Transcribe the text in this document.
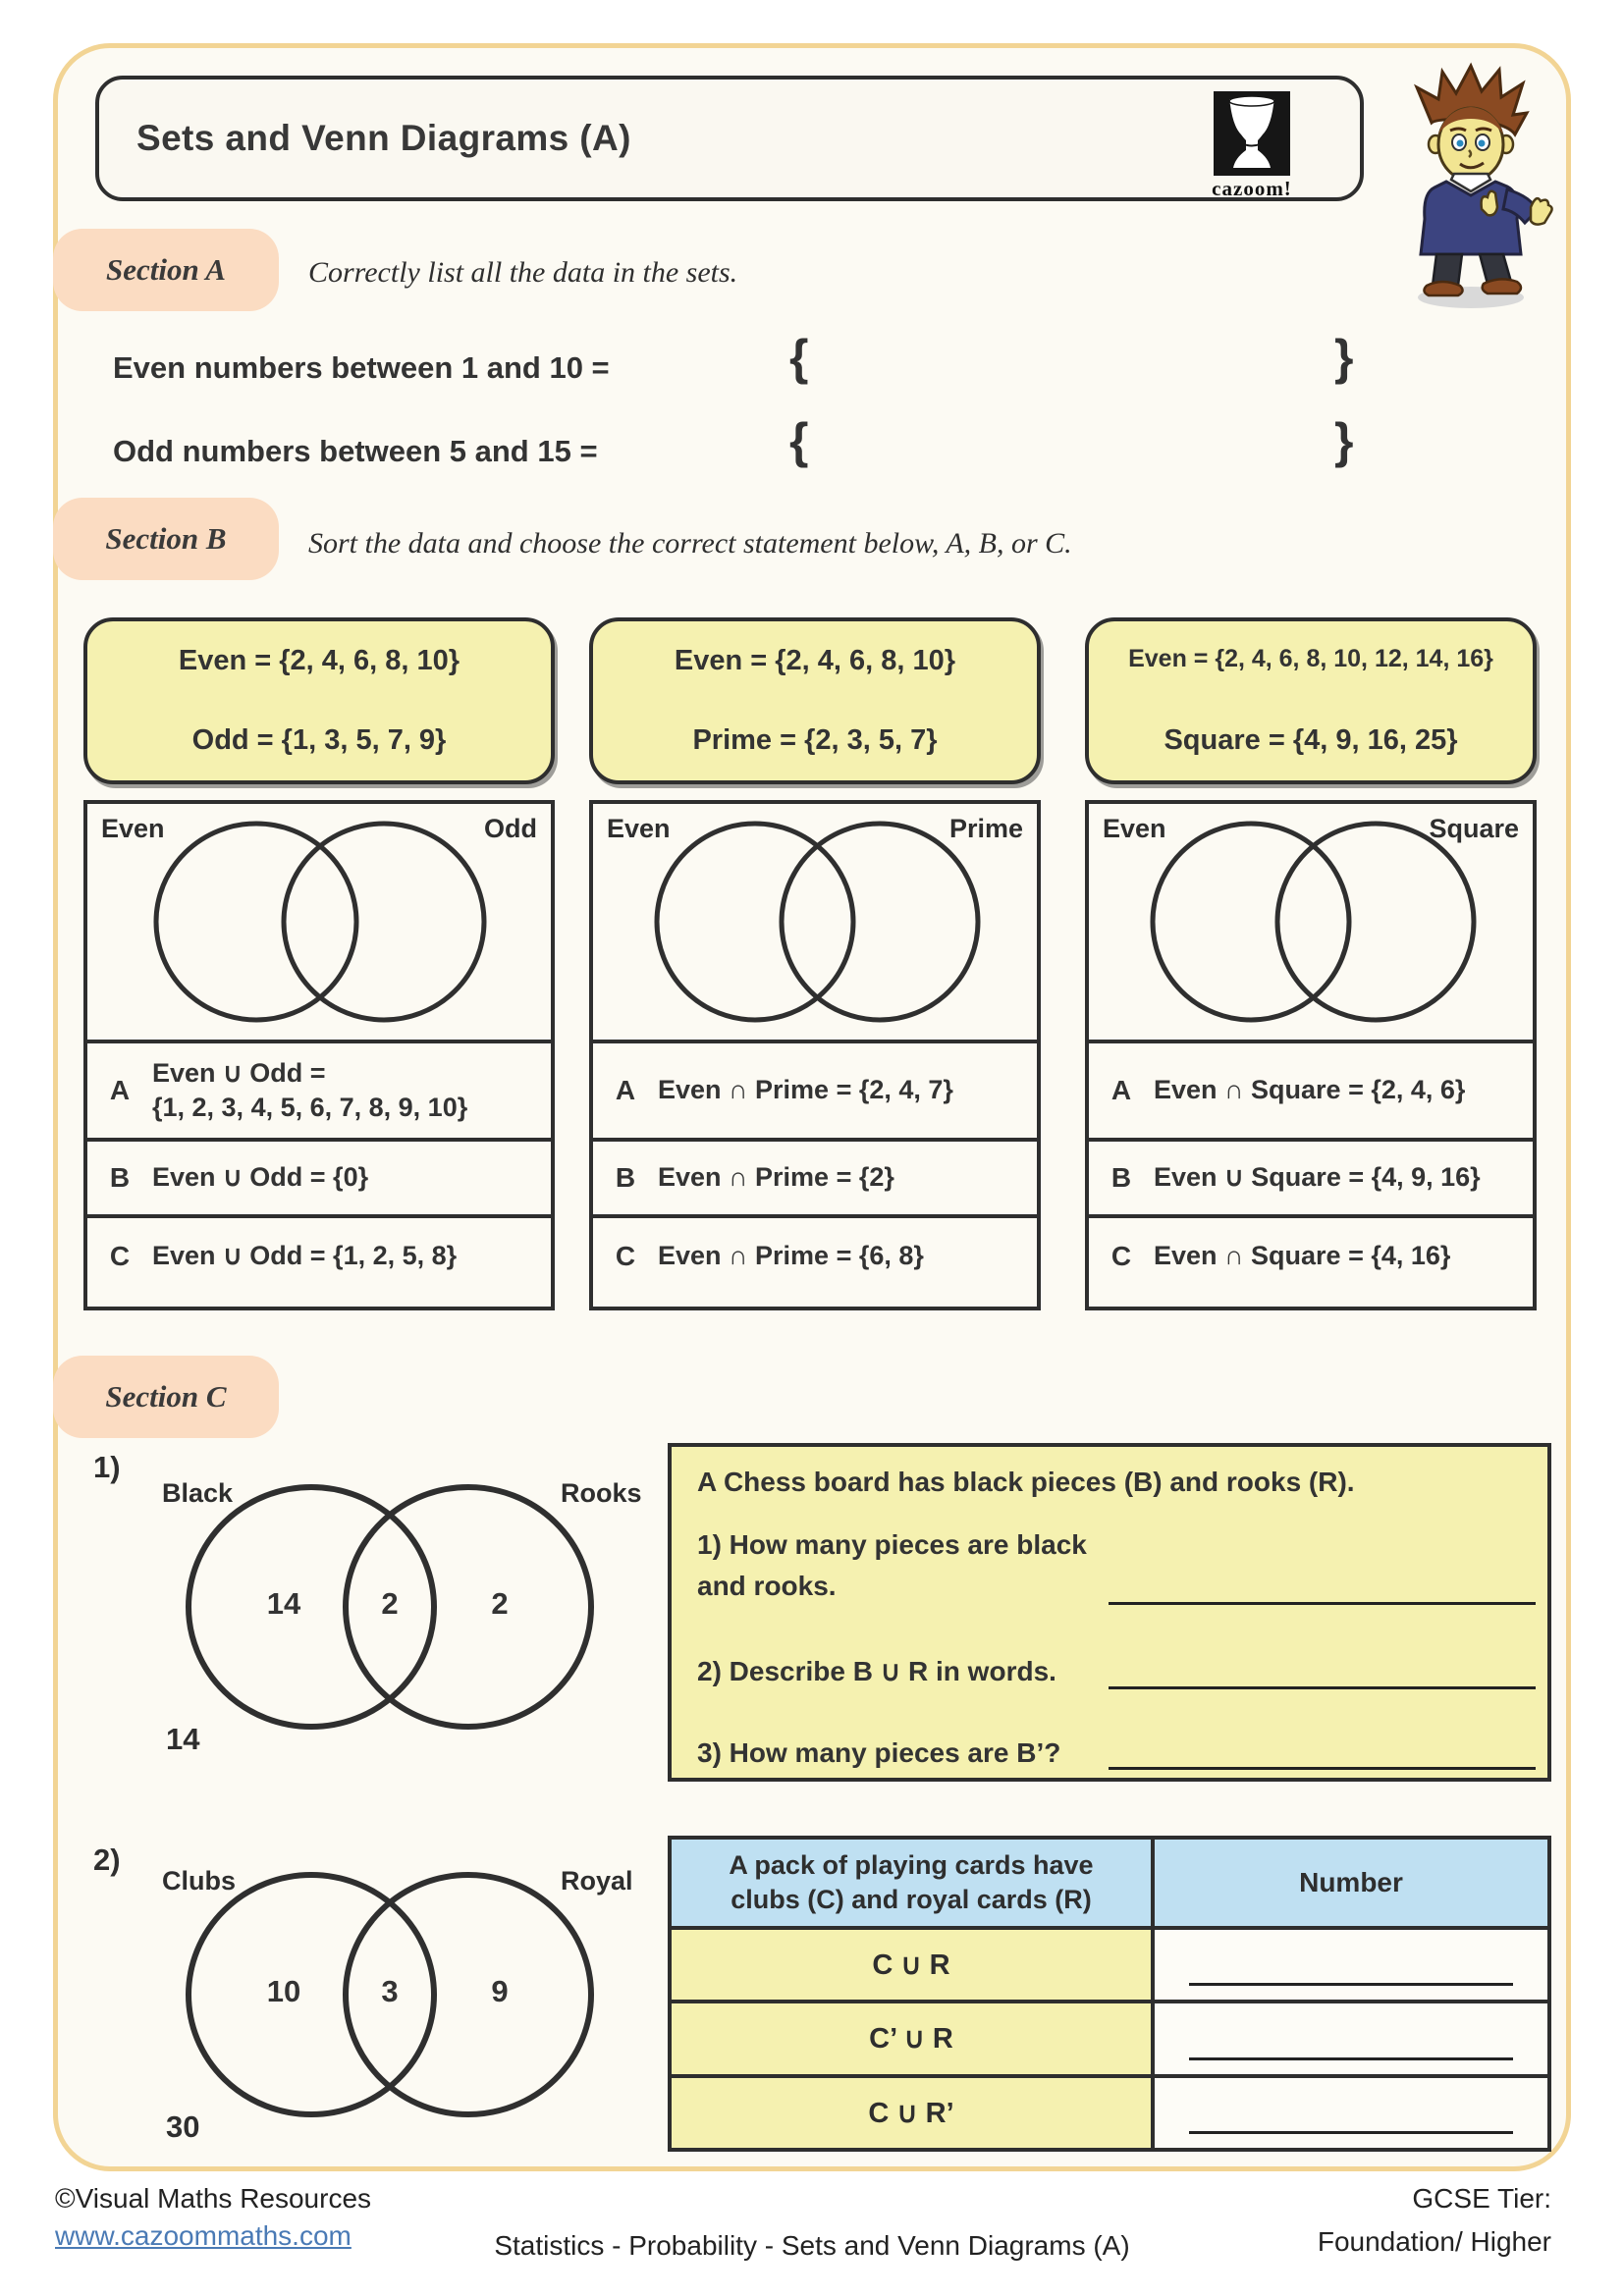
Sets and Venn Diagrams (A)
cazoom!
Section A	Correctly list all the data in the sets.
Even numbers between 1 and 10 =	{	}
Odd numbers between 5 and 15 =	{	}
Section B	Sort the data and choose the correct statement below, A, B, or C.
Even = {2, 4, 6, 8, 10}
Odd = {1, 3, 5, 7, 9}
Even = {2, 4, 6, 8, 10}
Prime = {2, 3, 5, 7}
Even = {2, 4, 6, 8, 10, 12, 14, 16}
Square = {4, 9, 16, 25}
Even	Odd
A
Even ∪ Odd =
{1, 2, 3, 4, 5, 6, 7, 8, 9, 10}
B Even ∪ Odd = {0}
C Even ∪ Odd = {1, 2, 5, 8}
Even	Prime
A Even ∩ Prime = {2, 4, 7}
B Even ∩ Prime = {2}
C Even ∩ Prime = {6, 8}
Even	Square
A Even ∩ Square = {2, 4, 6}
B Even ∪ Square = {4, 9, 16}
C Even ∩ Square = {4, 16}
Section C
1)
Black	Rooks
14	2	2
14
A Chess board has black pieces (B) and rooks (R).
1) How many pieces are black
and rooks.
2) Describe B ∪ R in words.
3) How many pieces are B’?
2)
Clubs	Royal
10	3	9
30
A pack of playing cards have
clubs (C) and royal cards (R)
Number
C ∪ R
C’ ∪ R
C ∪ R’
©Visual Maths Resources
www.cazoommaths.com	Statistics - Probability - Sets and Venn Diagrams (A)
GCSE Tier:
Foundation/ Higher
